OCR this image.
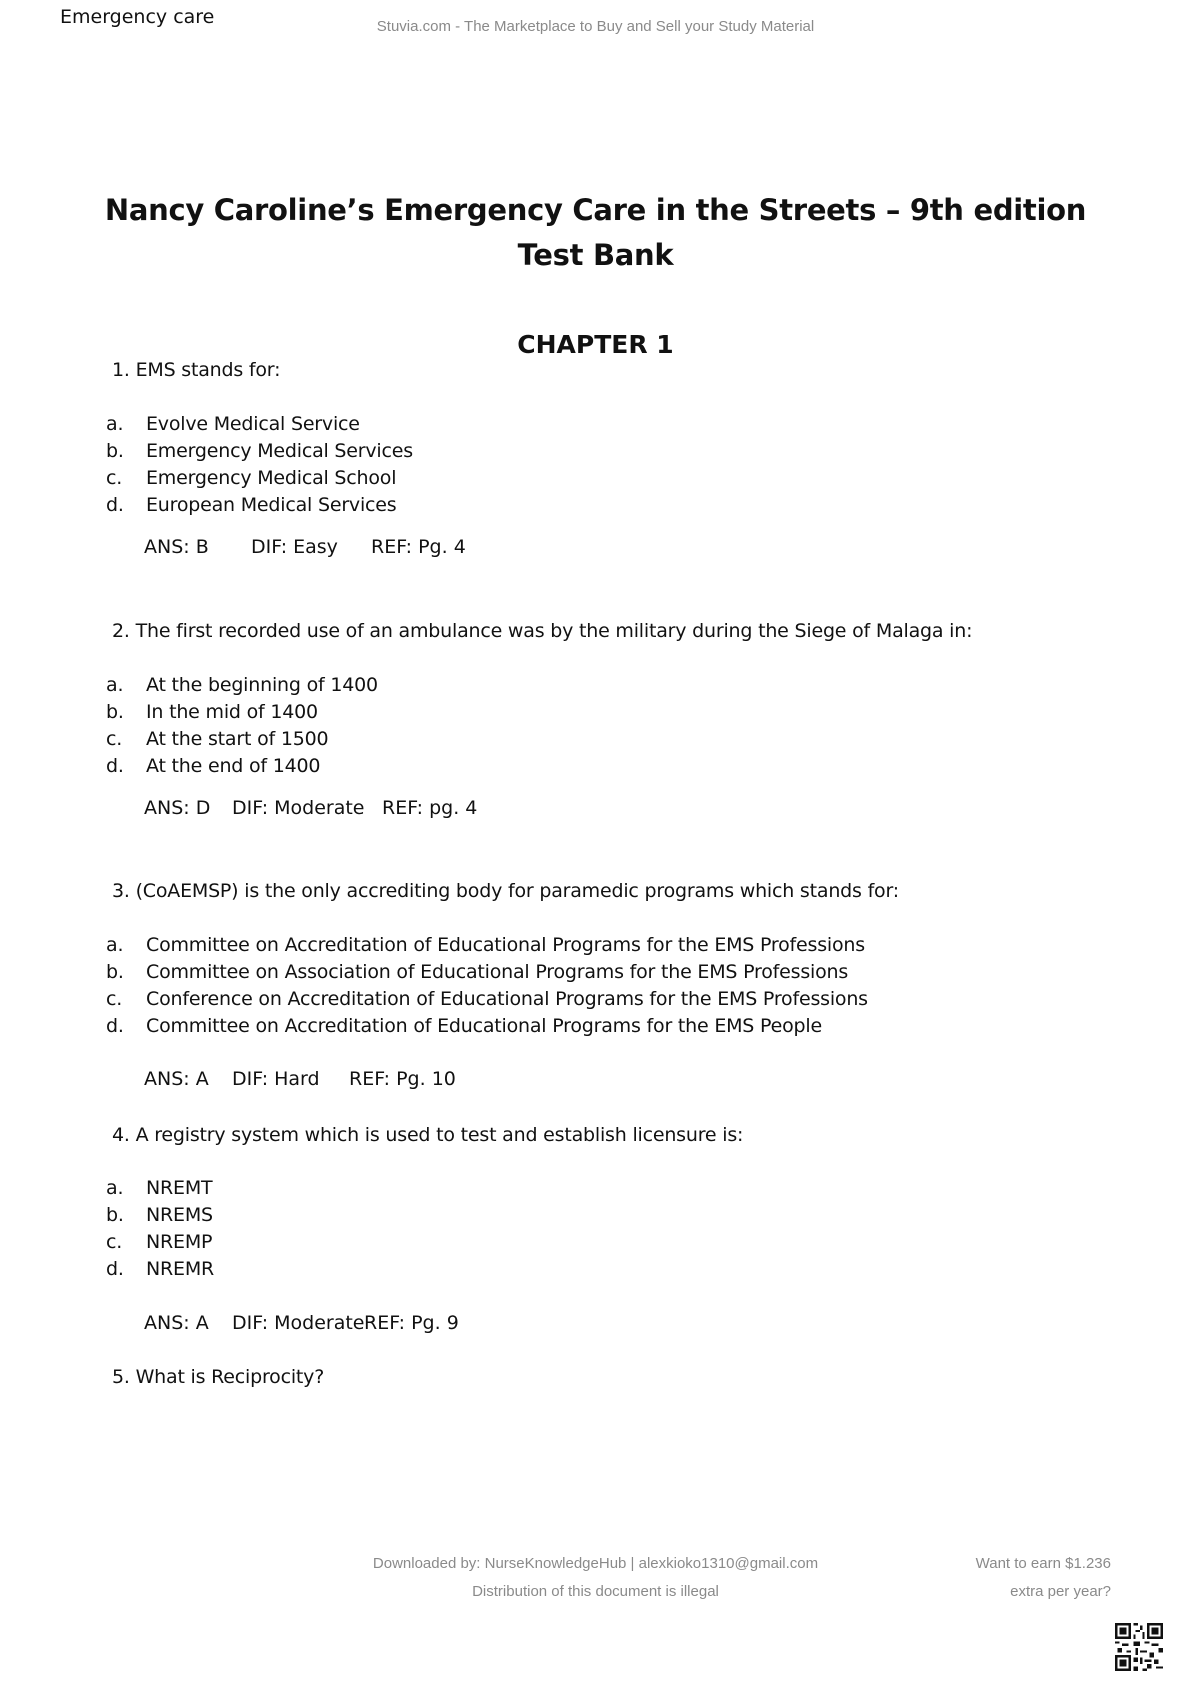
Emergency care	Stuvia.com - The Marketplace to Buy and Sell your Study Material
Nancy Caroline’s Emergency Care in the Streets – 9th edition
Test Bank
CHAPTER 1
1. EMS stands for:
a. Evolve Medical Service
b. Emergency Medical Services
c. Emergency Medical School
d. European Medical Services
ANS: B DIF: Easy REF: Pg. 4
2. The first recorded use of an ambulance was by the military during the Siege of Malaga in:
a. At the beginning of 1400
b. In the mid of 1400
c. At the start of 1500
d. At the end of 1400
ANS: D DIF: Moderate REF: pg. 4
3. (CoAEMSP) is the only accrediting body for paramedic programs which stands for:
a. Committee on Accreditation of Educational Programs for the EMS Professions
b. Committee on Association of Educational Programs for the EMS Professions
c. Conference on Accreditation of Educational Programs for the EMS Professions
d. Committee on Accreditation of Educational Programs for the EMS People
ANS: A DIF: Hard REF: Pg. 10
4. A registry system which is used to test and establish licensure is:
a. NREMT
b. NREMS
c. NREMP
d. NREMR
ANS: A DIF: ModerateREF: Pg. 9
5. What is Reciprocity?
Downloaded by: NurseKnowledgeHub | alexkioko1310@gmail.com
Distribution of this document is illegal
Want to earn $1.236
extra per year?
